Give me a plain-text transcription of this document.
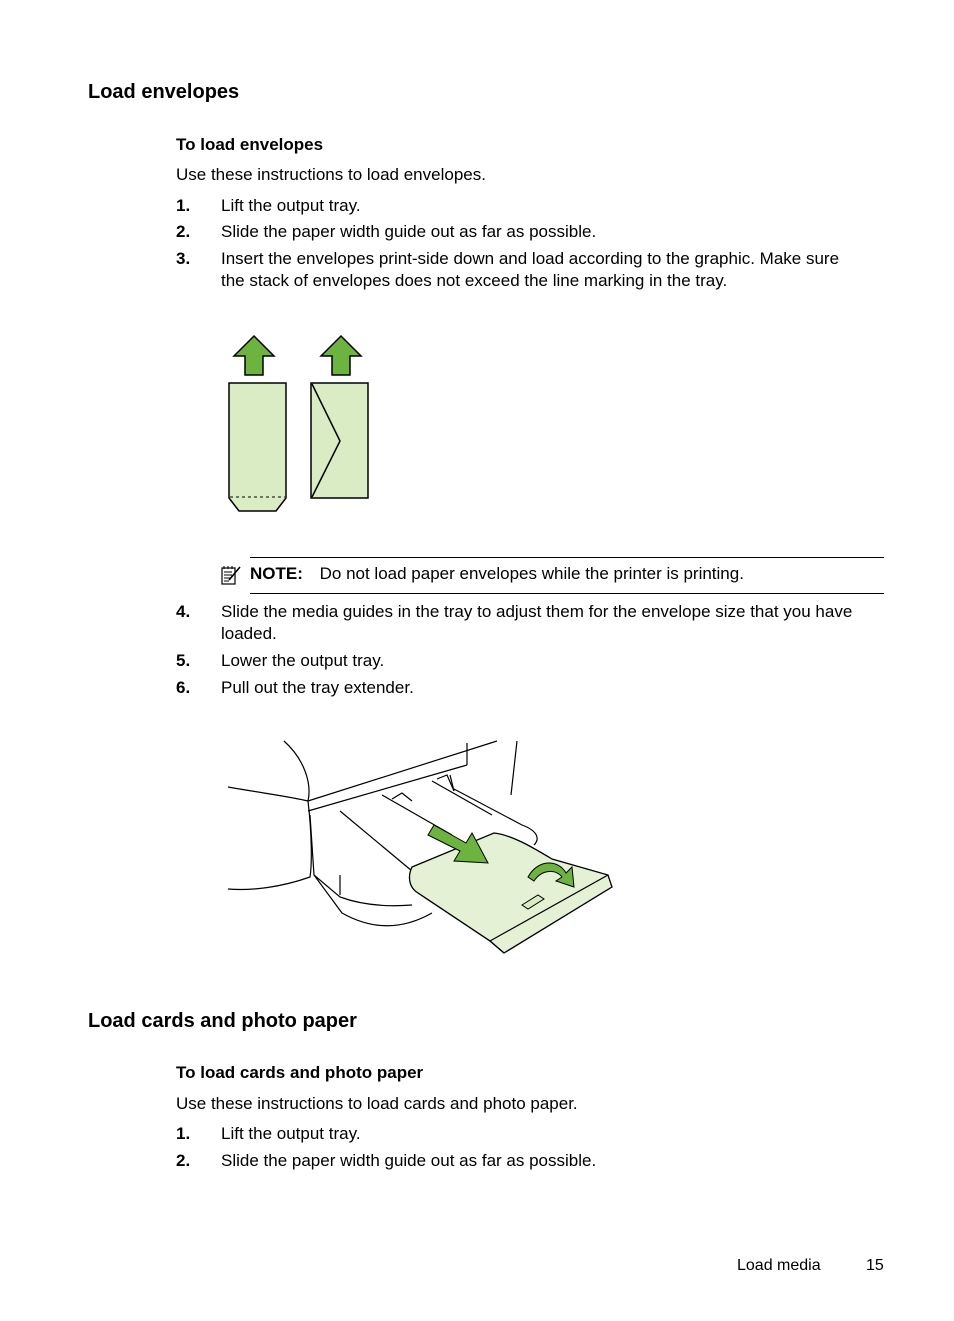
Load envelopes
To load envelopes
Use these instructions to load envelopes.
1. Lift the output tray.
2. Slide the paper width guide out as far as possible.
3. Insert the envelopes print-side down and load according to the graphic. Make sure the stack of envelopes does not exceed the line marking in the tray.
NOTE: Do not load paper envelopes while the printer is printing.
4. Slide the media guides in the tray to adjust them for the envelope size that you have loaded.
5. Lower the output tray.
6. Pull out the tray extender.
Load cards and photo paper
To load cards and photo paper
Use these instructions to load cards and photo paper.
1. Lift the output tray.
2. Slide the paper width guide out as far as possible.
Load media	15
